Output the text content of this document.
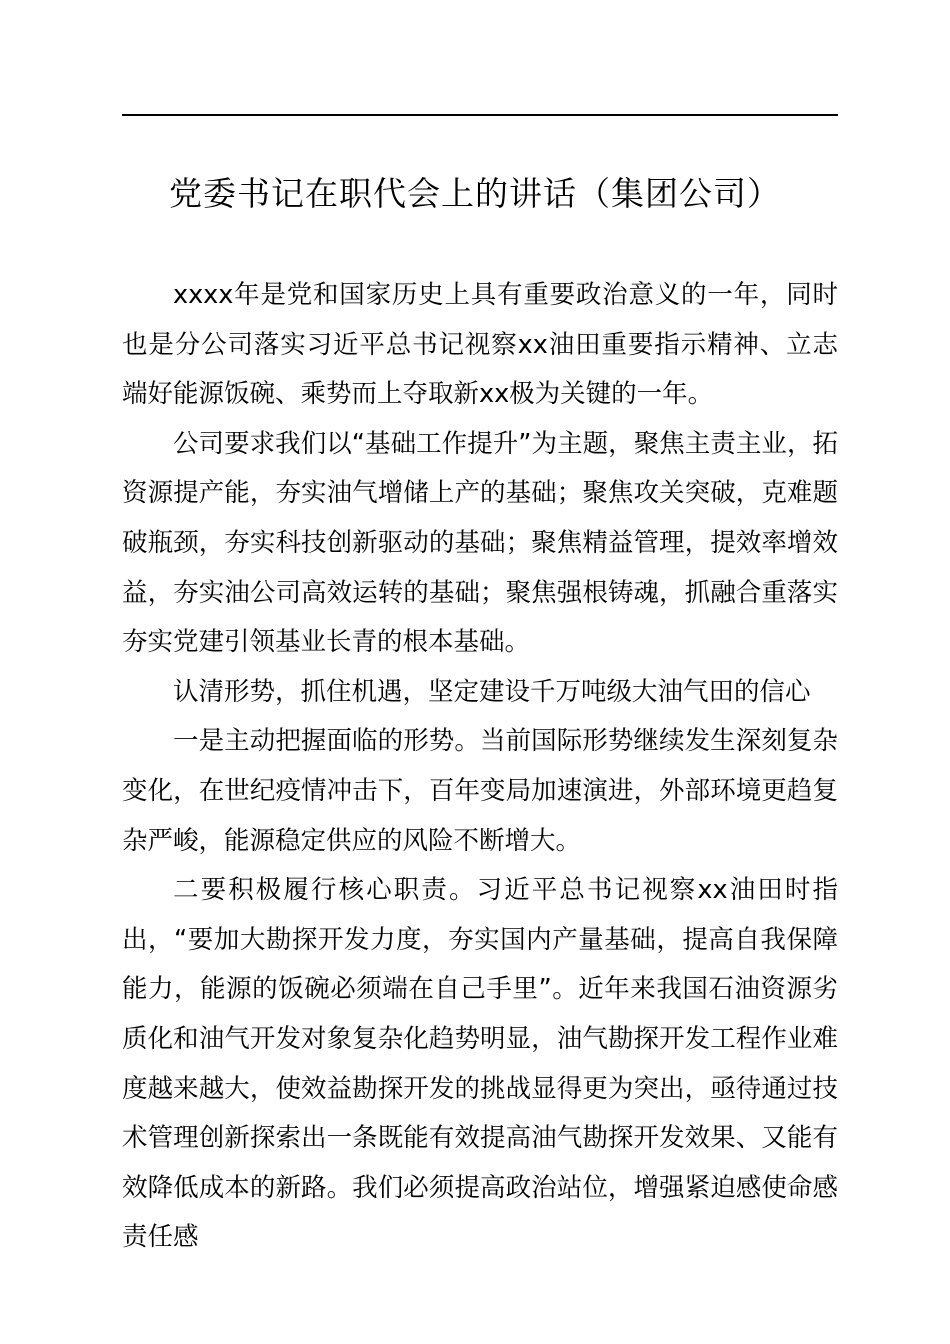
党委书记在职代会上的讲话（集团公司）

xxxx年是党和国家历史上具有重要政治意义的一年，同时也是分公司落实习近平总书记视察xx油田重要指示精神、立志端好能源饭碗、乘势而上夺取新xx极为关键的一年。

公司要求我们以“基础工作提升”为主题，聚焦主责主业，拓资源提产能，夯实油气增储上产的基础；聚焦攻关突破，克难题破瓶颈，夯实科技创新驱动的基础；聚焦精益管理，提效率增效益，夯实油公司高效运转的基础；聚焦强根铸魂，抓融合重落实夯实党建引领基业长青的根本基础。

认清形势，抓住机遇，坚定建设千万吨级大油气田的信心

一是主动把握面临的形势。当前国际形势继续发生深刻复杂变化，在世纪疫情冲击下，百年变局加速演进，外部环境更趋复杂严峻，能源稳定供应的风险不断增大。

二要积极履行核心职责。习近平总书记视察xx油田时指出，“要加大勘探开发力度，夯实国内产量基础，提高自我保障能力，能源的饭碗必须端在自己手里”。近年来我国石油资源劣质化和油气开发对象复杂化趋势明显，油气勘探开发工程作业难度越来越大，使效益勘探开发的挑战显得更为突出，亟待通过技术管理创新探索出一条既能有效提高油气勘探开发效果、又能有效降低成本的新路。我们必须提高政治站位，增强紧迫感使命感责任感
